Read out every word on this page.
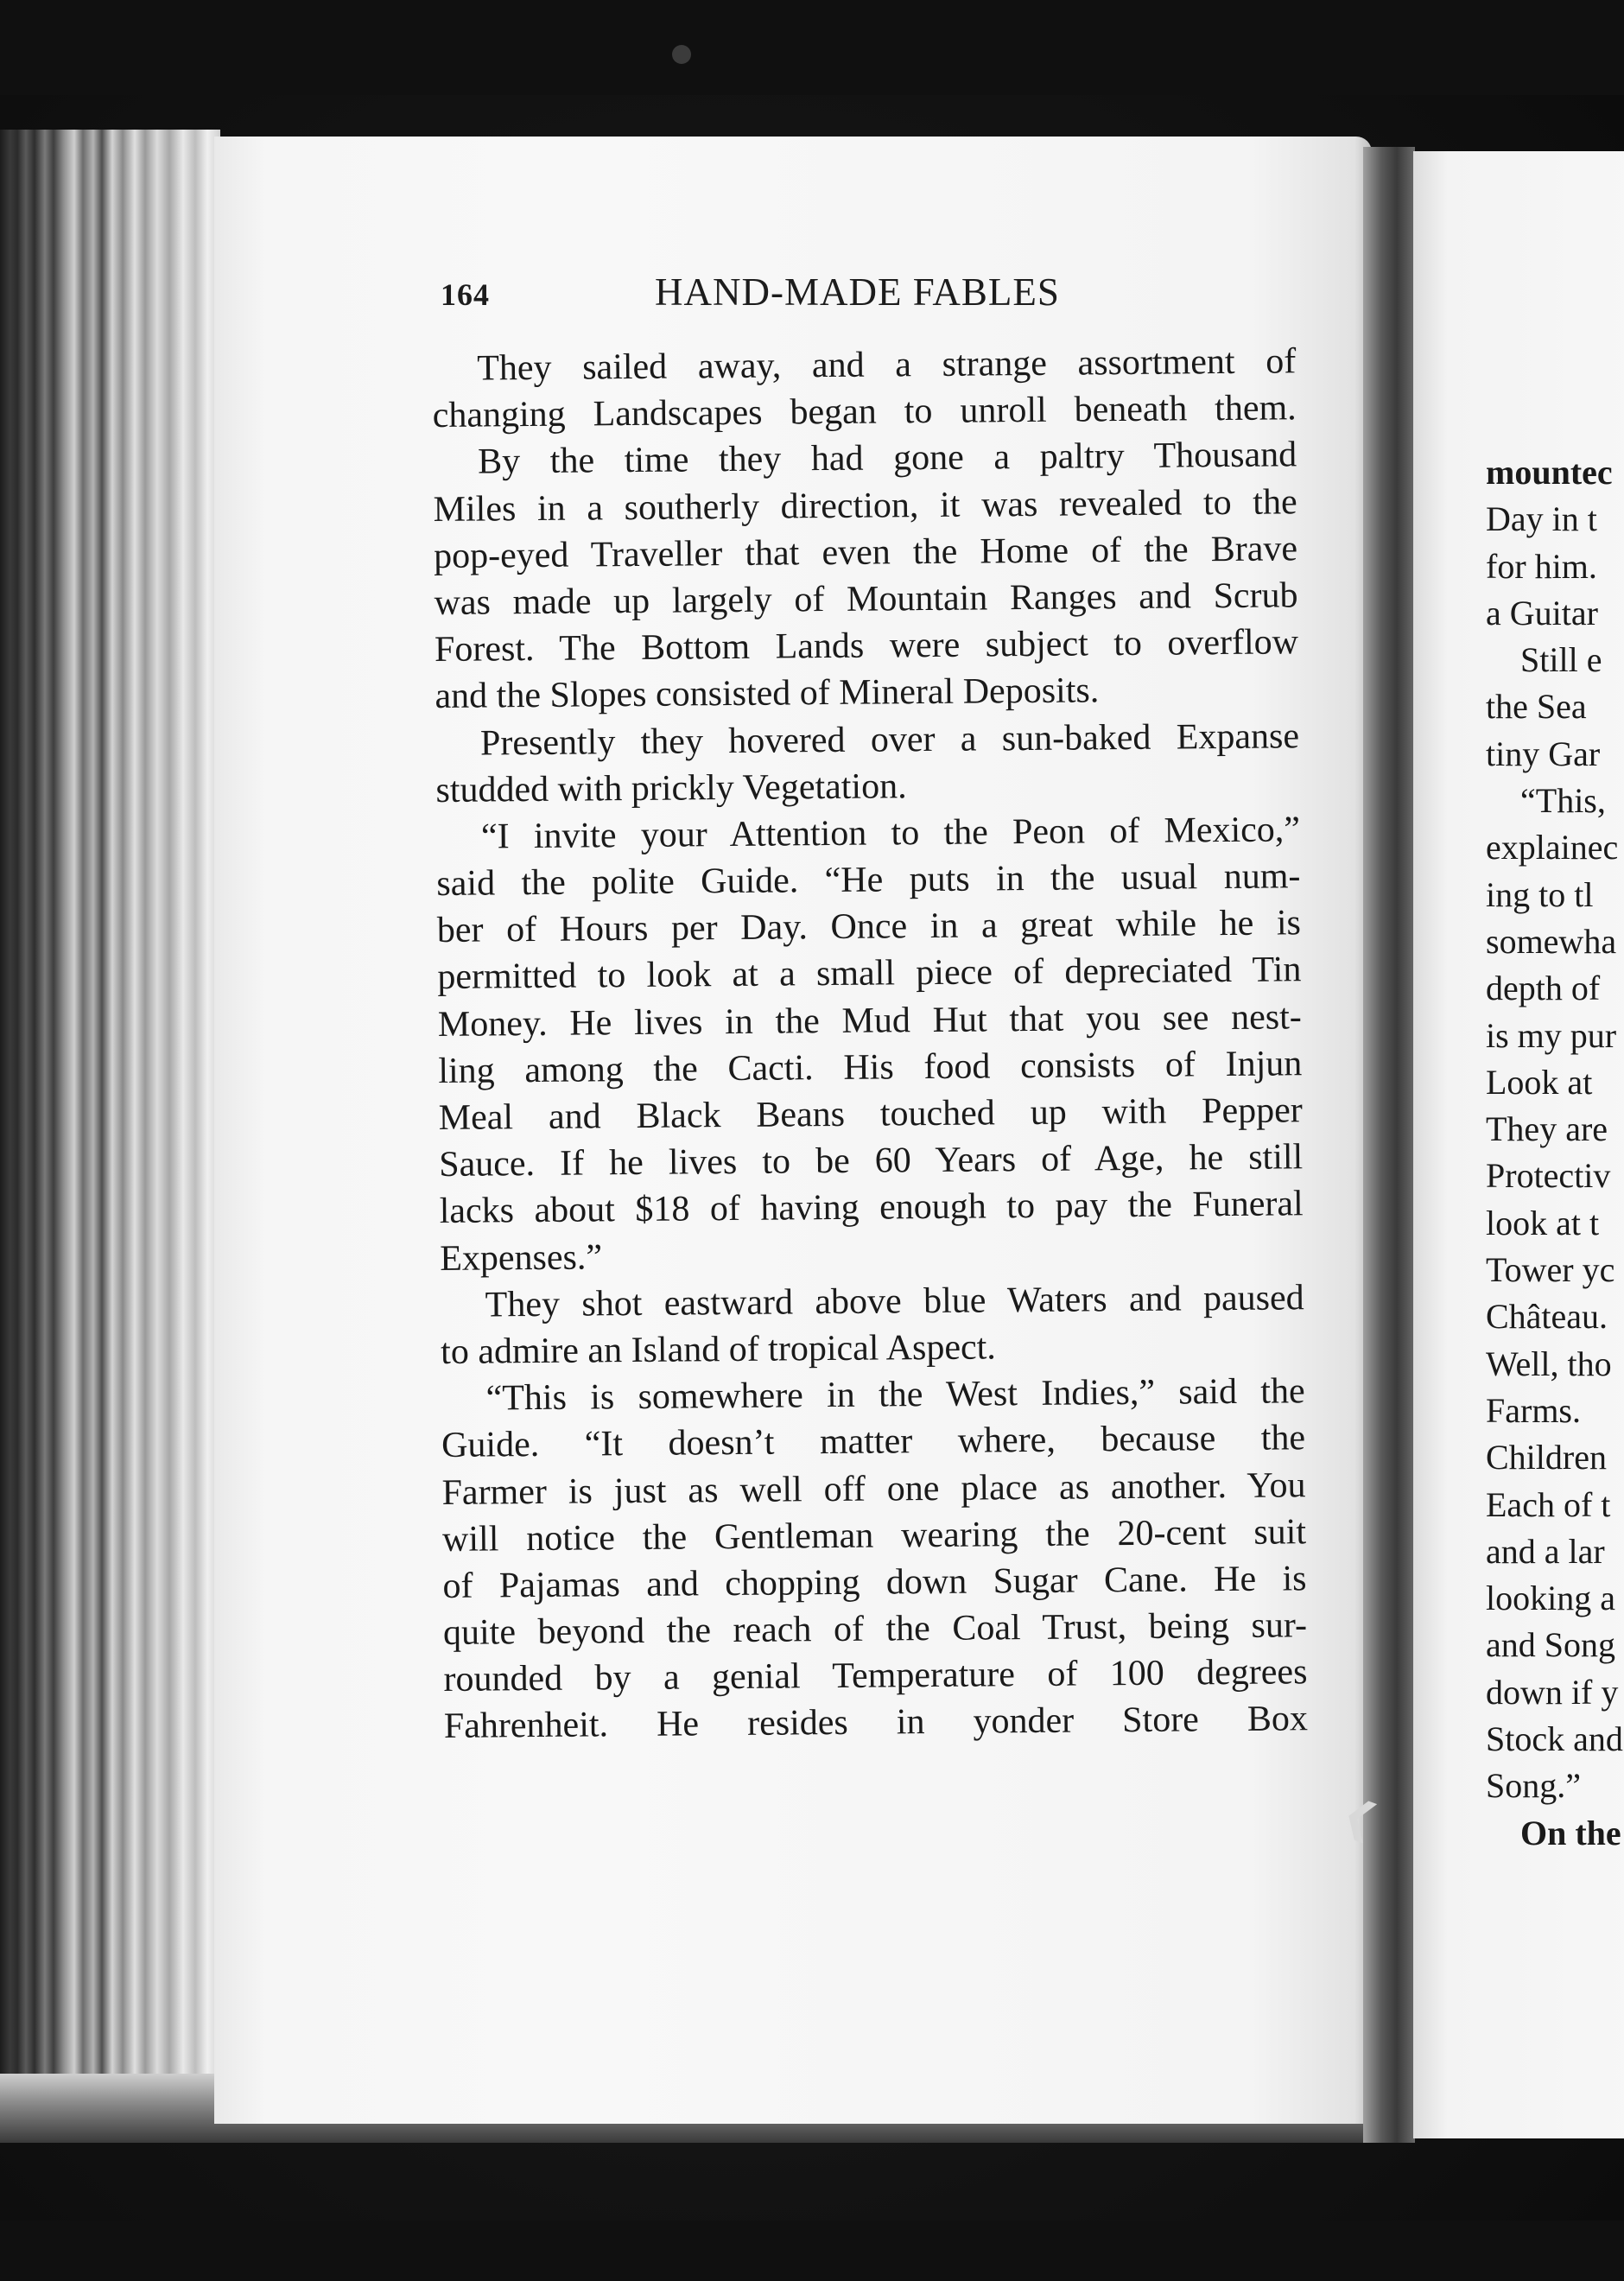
❮
164	HAND-MADE FABLES
They sailed away, and a strange assortment of
changing Landscapes began to unroll beneath them.
By the time they had gone a paltry Thousand
Miles in a southerly direction, it was revealed to the
pop-eyed Traveller that even the Home of the Brave
was made up largely of Mountain Ranges and Scrub
Forest. The Bottom Lands were subject to overflow
and the Slopes consisted of Mineral Deposits.
Presently they hovered over a sun-baked Expanse
studded with prickly Vegetation.
“I invite your Attention to the Peon of Mexico,”
said the polite Guide. “He puts in the usual num-
ber of Hours per Day. Once in a great while he is
permitted to look at a small piece of depreciated Tin
Money. He lives in the Mud Hut that you see nest-
ling among the Cacti. His food consists of Injun
Meal and Black Beans touched up with Pepper
Sauce. If he lives to be 60 Years of Age, he still
lacks about $18 of having enough to pay the Funeral
Expenses.”
They shot eastward above blue Waters and paused
to admire an Island of tropical Aspect.
“This is somewhere in the West Indies,” said the
Guide. “It doesn’t matter where, because the
Farmer is just as well off one place as another. You
will notice the Gentleman wearing the 20-cent suit
of Pajamas and chopping down Sugar Cane. He is
quite beyond the reach of the Coal Trust, being sur-
rounded by a genial Temperature of 100 degrees
Fahrenheit. He resides in yonder Store Box
mountec
Day in t
for him.
a Guitar
Still e
the Sea
tiny Gar
“This,
explainec
ing to tl
somewha
depth of
is my pur
Look at
They are
Protectiv
look at t
Tower yc
Château.
Well, tho
Farms.
Children
Each of t
and a lar
looking a
and Song
down if y
Stock and
Song.”
On the
